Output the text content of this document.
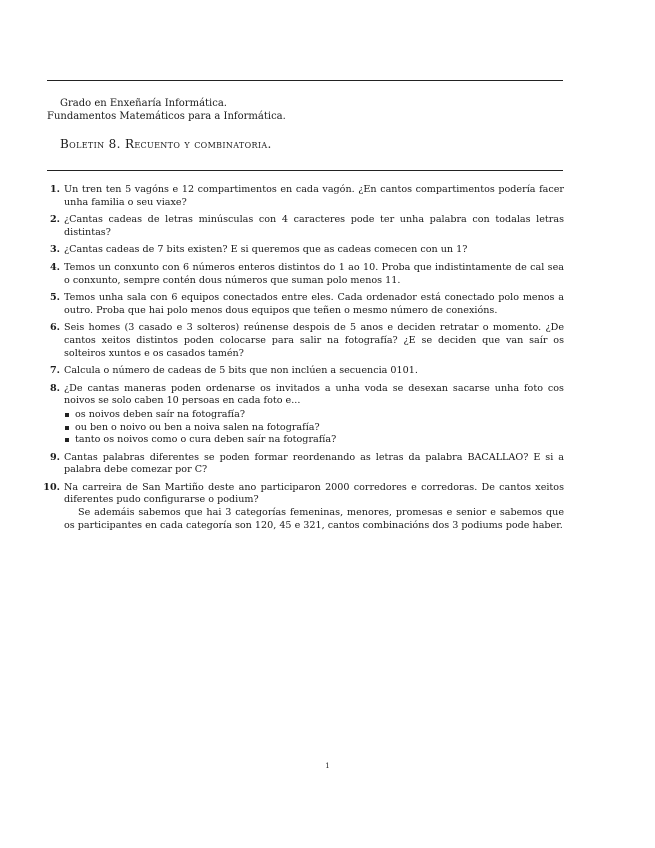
Grado en Enxeñaría Informática.
Fundamentos Matemáticos para a Informática.
Boletin 8. Recuento y combinatoria.
1. Un tren ten 5 vagóns e 12 compartimentos en cada vagón. ¿En cantos compartimentos podería facer unha familia o seu viaxe?

2. ¿Cantas cadeas de letras minúsculas con 4 caracteres pode ter unha palabra con todalas letras distintas?

3. ¿Cantas cadeas de 7 bits existen? E si queremos que as cadeas comecen con un 1?

4. Temos un conxunto con 6 números enteros distintos do 1 ao 10. Proba que indistintamente de cal sea o conxunto, sempre contén dous números que suman polo menos 11.

5. Temos unha sala con 6 equipos conectados entre eles. Cada ordenador está conectado polo menos a outro. Proba que hai polo menos dous equipos que teñen o mesmo número de conexións.

6. Seis homes (3 casado e 3 solteros) reúnense despois de 5 anos e deciden retratar o momento. ¿De cantos xeitos distintos poden colocarse para salir na fotografía? ¿E se deciden que van saír os solteiros xuntos e os casados tamén?

7. Calcula o número de cadeas de 5 bits que non inclúen a secuencia 0101.

8. ¿De cantas maneras poden ordenarse os invitados a unha voda se desexan sacarse unha foto cos noivos se solo caben 10 persoas en cada foto e...

os noivos deben saír na fotografía?
ou ben o noivo ou ben a noiva salen na fotografía?
tanto os noivos como o cura deben saír na fotografía?
9. Cantas palabras diferentes se poden formar reordenando as letras da palabra BACALLAO? E si a palabra debe comezar por C?

10. Na carreira de San Martiño deste ano participaron 2000 corredores e corredoras. De cantos xeitos diferentes pudo configurarse o podium?

Se ademáis sabemos que hai 3 categorías femeninas, menores, promesas e senior e sabemos que os participantes en cada categoría son 120, 45 e 321, cantos combinacións dos 3 podiums pode haber.

1
